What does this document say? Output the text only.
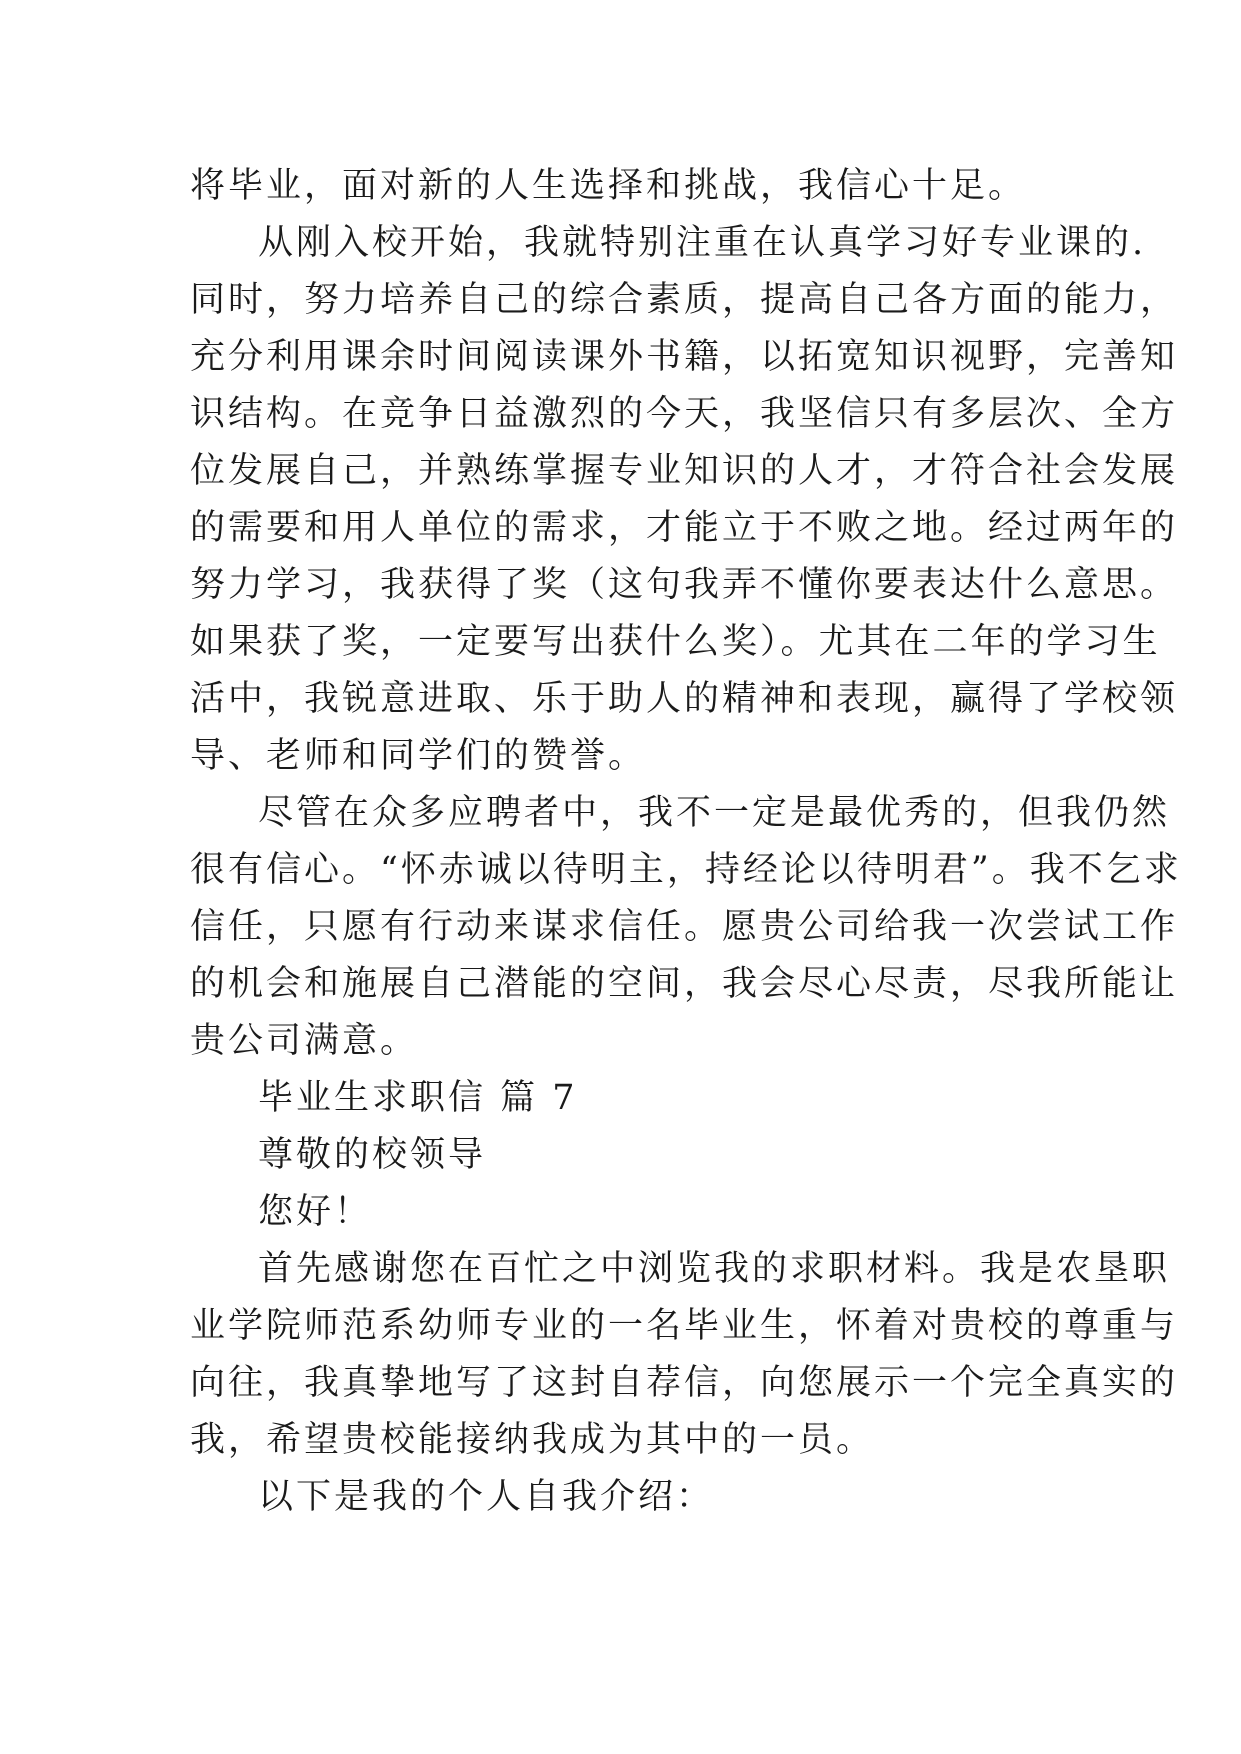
将毕业，面对新的人生选择和挑战，我信心十足。
从刚入校开始，我就特别注重在认真学习好专业课的.
同时，努力培养自己的综合素质，提高自己各方面的能力，
充分利用课余时间阅读课外书籍，以拓宽知识视野，完善知
识结构。在竞争日益激烈的今天，我坚信只有多层次、全方
位发展自己，并熟练掌握专业知识的人才，才符合社会发展
的需要和用人单位的需求，才能立于不败之地。经过两年的
努力学习，我获得了奖（这句我弄不懂你要表达什么意思。
如果获了奖，一定要写出获什么奖）。尤其在二年的学习生
活中，我锐意进取、乐于助人的精神和表现，赢得了学校领
导、老师和同学们的赞誉。
尽管在众多应聘者中，我不一定是最优秀的，但我仍然
很有信心。“怀赤诚以待明主，持经论以待明君”。我不乞求
信任，只愿有行动来谋求信任。愿贵公司给我一次尝试工作
的机会和施展自己潜能的空间，我会尽心尽责，尽我所能让
贵公司满意。
毕业生求职信 篇 7
尊敬的校领导
您好！
首先感谢您在百忙之中浏览我的求职材料。我是农垦职
业学院师范系幼师专业的一名毕业生，怀着对贵校的尊重与
向往，我真挚地写了这封自荐信，向您展示一个完全真实的
我，希望贵校能接纳我成为其中的一员。
以下是我的个人自我介绍：
